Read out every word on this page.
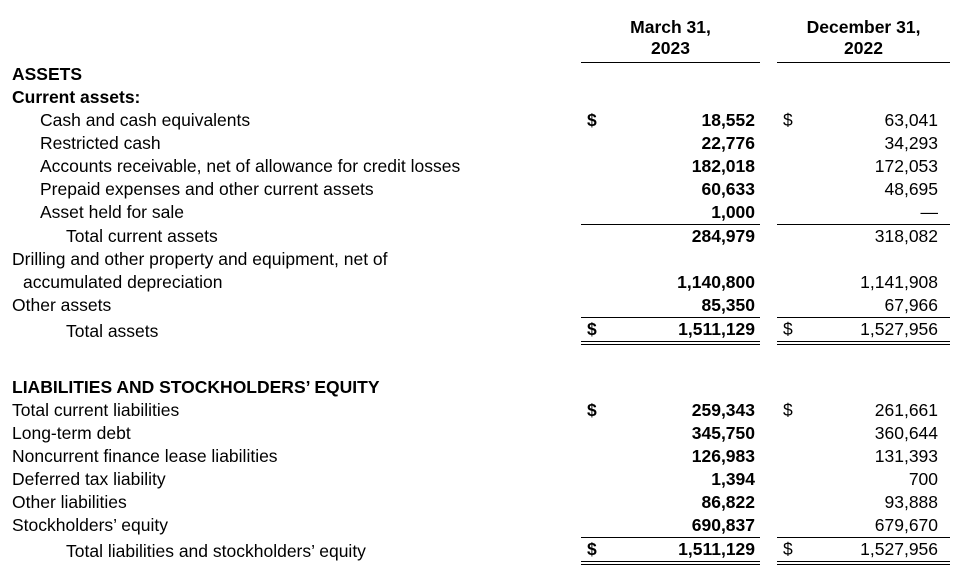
	March 31,
2023			December 31,
2022	
ASSETS					
Current assets:					
Cash and cash equivalents	$	18,552		$	63,041
Restricted cash		22,776			34,293
Accounts receivable, net of allowance for credit losses		182,018			172,053
Prepaid expenses and other current assets		60,633			48,695
Asset held for sale		1,000			—
Total current assets		284,979			318,082
Drilling and other property and equipment, net of					
accumulated depreciation		1,140,800			1,141,908
Other assets		85,350			67,966
Total assets	$	1,511,129		$	1,527,956

LIABILITIES AND STOCKHOLDERS’ EQUITY					
Total current liabilities	$	259,343		$	261,661
Long-term debt		345,750			360,644
Noncurrent finance lease liabilities		126,983			131,393
Deferred tax liability		1,394			700
Other liabilities		86,822			93,888
Stockholders’ equity		690,837			679,670
Total liabilities and stockholders’ equity	$	1,511,129		$	1,527,956
